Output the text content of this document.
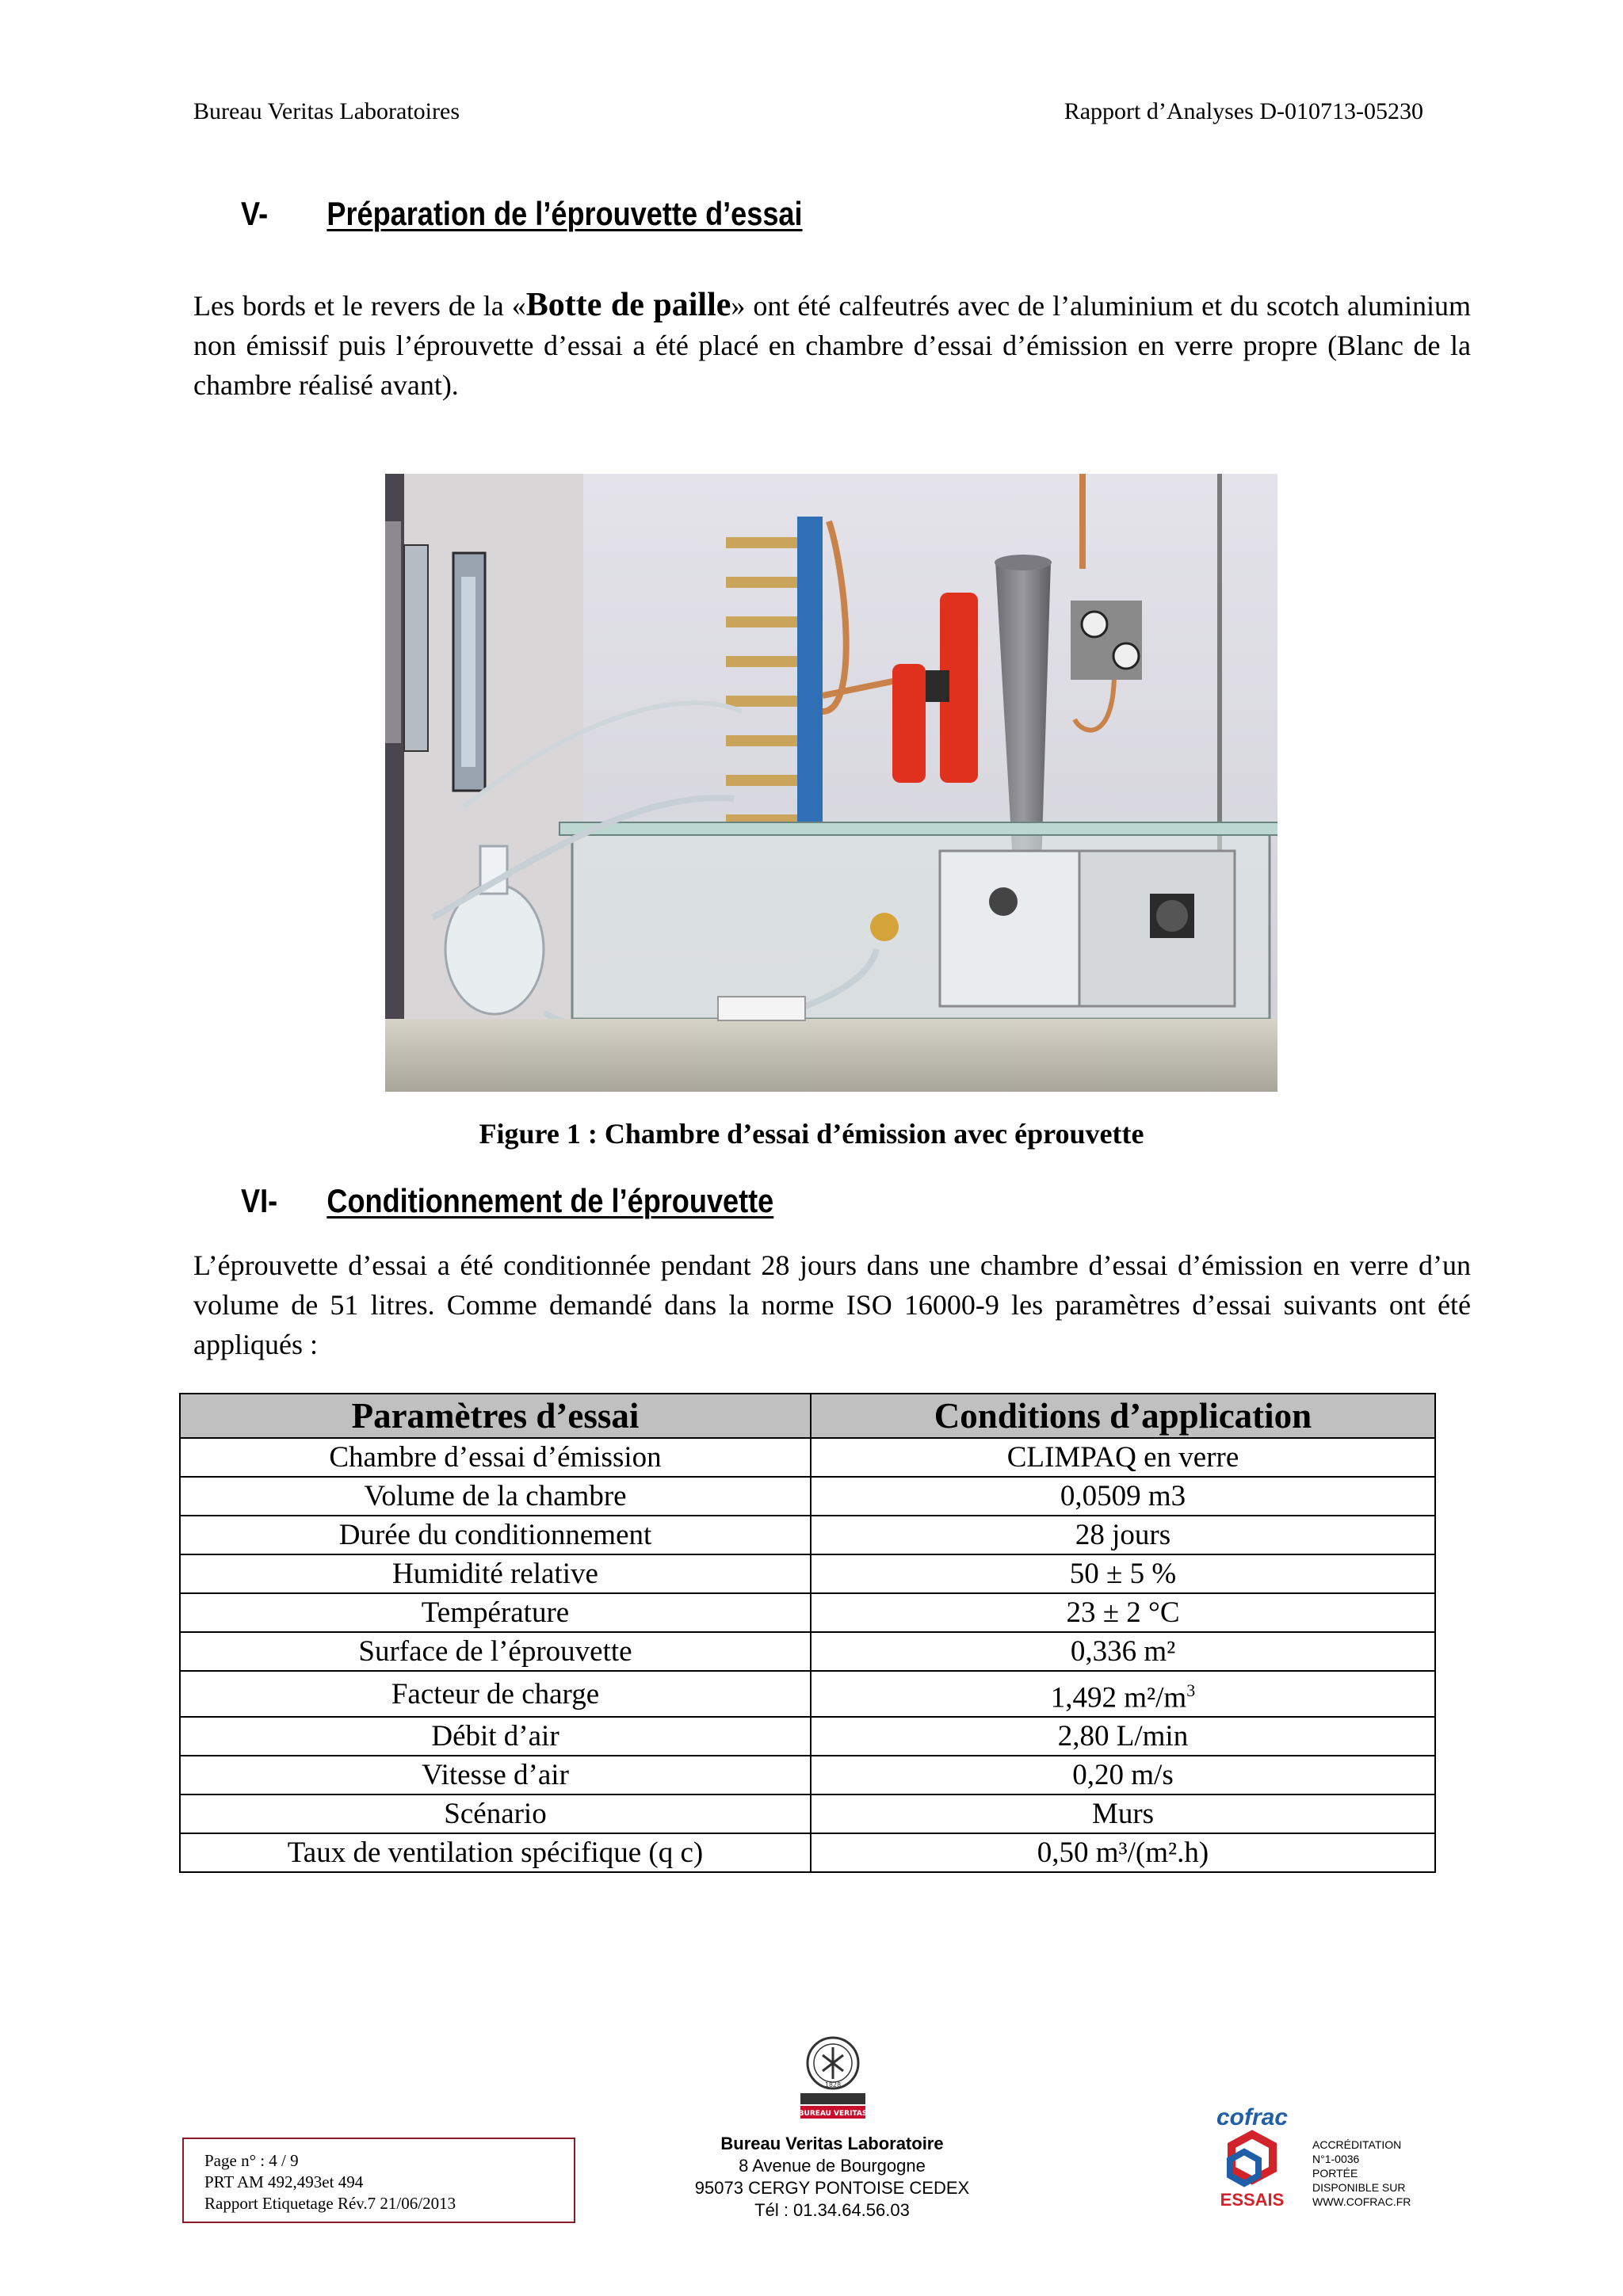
Bureau Veritas Laboratoires	Rapport d’Analyses D-010713-05230
V- Préparation de l’éprouvette d’essai
Les bords et le revers de la «Botte de paille» ont été calfeutrés avec de l’aluminium et du scotch aluminium non émissif puis l’éprouvette d’essai a été placé en chambre d’essai d’émission en verre propre (Blanc de la chambre réalisé avant).
Figure 1 : Chambre d’essai d’émission avec éprouvette
VI- Conditionnement de l’éprouvette
L’éprouvette d’essai a été conditionnée pendant 28 jours dans une chambre d’essai d’émission en verre d’un volume de 51 litres. Comme demandé dans la norme ISO 16000-9 les paramètres d’essai suivants ont été appliqués :
Paramètres d’essai	Conditions d’application
Chambre d’essai d’émission	CLIMPAQ en verre
Volume de la chambre	0,0509 m3
Durée du conditionnement	28 jours
Humidité relative	50 ± 5 %
Température	23 ± 2 °C
Surface de l’éprouvette	0,336 m²
Facteur de charge	1,492 $m^2/m^3$
Débit d’air	2,80 L/min
Vitesse d’air	0,20 m/s
Scénario	Murs
Taux de ventilation spécifique (q c)	0,50 m³/(m².h)
Page n° : 4 / 9
PRT AM 492,493et 494
Rapport Etiquetage Rév.7 21/06/2013
1828
BUREAU VERITAS
Bureau Veritas Laboratoire
8 Avenue de Bourgogne
95073 CERGY PONTOISE CEDEX
Tél : 01.34.64.56.03
cofrac
ESSAIS
ACCRÉDITATION
N°1-0036
PORTÉE
DISPONIBLE SUR
WWW.COFRAC.FR
